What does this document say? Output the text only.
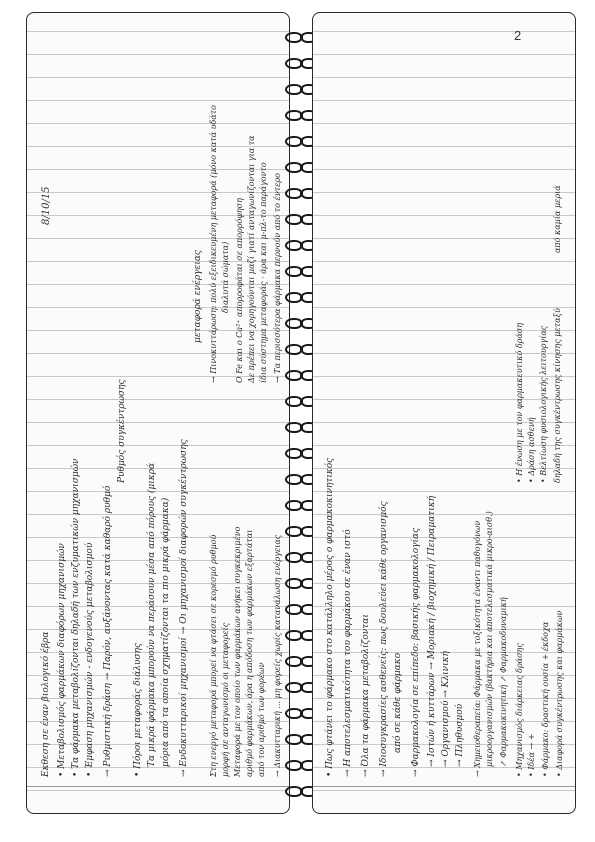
8/10/15
Εκθεση σε έναν βιολογικό έβρα • Μεταβολισμός φαρμάκων διαφόρων μηχανισμών • Τα φάρμακα μεταβολίζονται δηλαδή των ενζυματικών μηχανισμών • Έμφαση μηχανισμών - ενδογενούς μεταβολισμού → Ρυθμιστική δράση → Παρόν, αυξάνοντας κατά καθαρό ρυθμό
Ρυθμός συγκέντρωσης
• Πόροι μεταφοράς διάλυσης Τα μικρά φάρμακα μπορούν να περάσουν μέσα από πόρους (μικρά μόρια από τα οποία σχηματίζονται τα πιο μικρά φάρμακα) → Ενδοκυτταρικοί μηχανισμοί → Οι μηχανισμοί διαφορών συγκέντρωσης
μεταφορά ενέργειας
Στη ενεργό μεταφορά μπορεί να φτάσει σε κορεσμό ρυθμού μορφή σε ανταγωνισμό οι μεταφορείς Μεταφορά με τον οποίο των φαρμάκων ανήκει συγκεκριμένο αριθμό φαρμάκων, άρα η απόδοση των φαρμάκων εξαρτάται από τον αριθμό των φορέων
→ Πινοκυττάρωση: πολύ εξειδικευμένη μεταφορά (μόνο κατά υδάτο διαλυτά σώματα) Ο Fe και ο Ca²⁺ απορροφάται σε απορρόφηση Δε πρέπει να χορηγούνται μαζί γιατί ανταγωνίζονται για τα ίδια σύστημα μεταφοράς · άρα και μ-πλ-το παράγοντο → Τα περισσότερα φάρμακα περνούν από το έντερο
→ Διακυτταρική ... μη φορείς χωρίς κατανάλωση ενέργειας	• Πως φτάνει το φάρμακο στο κατάλληλο μέρος ο φαρμακοκινητικός → Η αποτελεσματικότητα του φαρμάκου σε έναν ιστό → Όλα τα φάρμακα μεταβολίζονται → Ιδιοσυγκρασίες ασθενείς: πως δουλεύει κάθε οργανισμός από σε κάθε φάρμακο → Φαρμακολογία σε επίπεδο: βασικής φαρμακολογίας → Ιστών ή κυττάρων → Μοριακή / βιοχημική / Πειραματική → Οργανισμού → Κλινική → Πληθυσμού → Χημειοθεραπεία: Φάρμακα με τοξικότητα έναντι παθογόνων μικροοργανισμών (βακτήρια και αποτελεσματικά μικρο-αισθ.) ↗ Φαρμακοκινητική ↗ Φαρμακοδυναμική • Μηχανισμός διάρκειας δράσης • Ιδέα → + • Φάρμακο: δραστική ουσία + έκδοχα
• Η ένωση με τον φαρμακευτικό δράση • Δράση ασθενή • Βελτίωση φυσιολογικής λειτουργίας
• Διαφορά συγκέντρωσης και φαρμάκων
δηλαδή της συγκέντρωσης κίνησης μεταξύ
από καμία μεριά
2
